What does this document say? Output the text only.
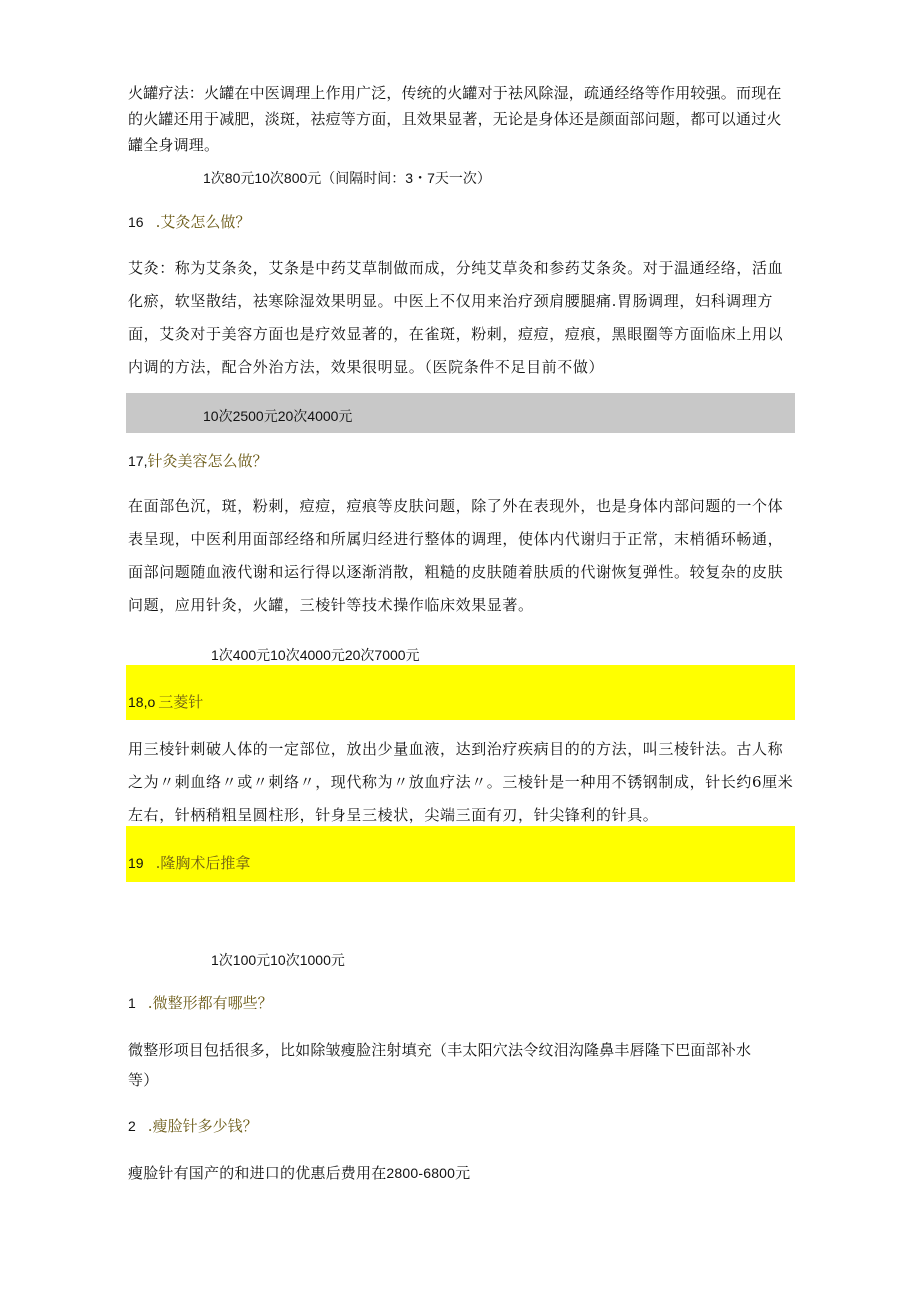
火罐疗法：火罐在中医调理上作用广泛，传统的火罐对于祛风除湿，疏通经络等作用较强。而现在的火罐还用于减肥，淡斑，祛痘等方面，且效果显著，无论是身体还是颜面部问题，都可以通过火罐全身调理。
1次80元10次800元（间隔时间：3・7天一次）
16 .艾灸怎么做？
艾灸：称为艾条灸，艾条是中药艾草制做而成，分纯艾草灸和参药艾条灸。对于温通经络，活血化瘀，软坚散结，祛寒除湿效果明显。中医上不仅用来治疗颈肩腰腿痛.胃肠调理，妇科调理方面，艾灸对于美容方面也是疗效显著的，在雀斑，粉刺，痘痘，痘痕，黑眼圈等方面临床上用以内调的方法，配合外治方法，效果很明显。（医院条件不足目前不做）
10次2500元20次4000元
17,针灸美容怎么做？
在面部色沉，斑，粉刺，痘痘，痘痕等皮肤问题，除了外在表现外，也是身体内部问题的一个体表呈现，中医利用面部经络和所属归经进行整体的调理，使体内代谢归于正常，末梢循环畅通，面部问题随血液代谢和运行得以逐渐消散，粗糙的皮肤随着肤质的代谢恢复弹性。较复杂的皮肤问题，应用针灸，火罐，三棱针等技术操作临床效果显著。
1次400元10次4000元20次7000元
18,o 三菱针
用三棱针刺破人体的一定部位，放出少量血液，达到治疗疾病目的的方法，叫三棱针法。古人称之为〃刺血络〃或〃刺络〃，现代称为〃放血疗法〃。三棱针是一种用不锈钢制成，针长约6厘米左右，针柄稍粗呈圆柱形，针身呈三棱状，尖端三面有刃，针尖锋利的针具。
19 .隆胸术后推拿
1次100元10次1000元
1 .微整形都有哪些？
微整形项目包括很多，比如除皱瘦脸注射填充（丰太阳穴法令纹泪沟隆鼻丰唇隆下巴面部补水等）
2 .瘦脸针多少钱？
瘦脸针有国产的和进口的优惠后费用在2800-6800元
